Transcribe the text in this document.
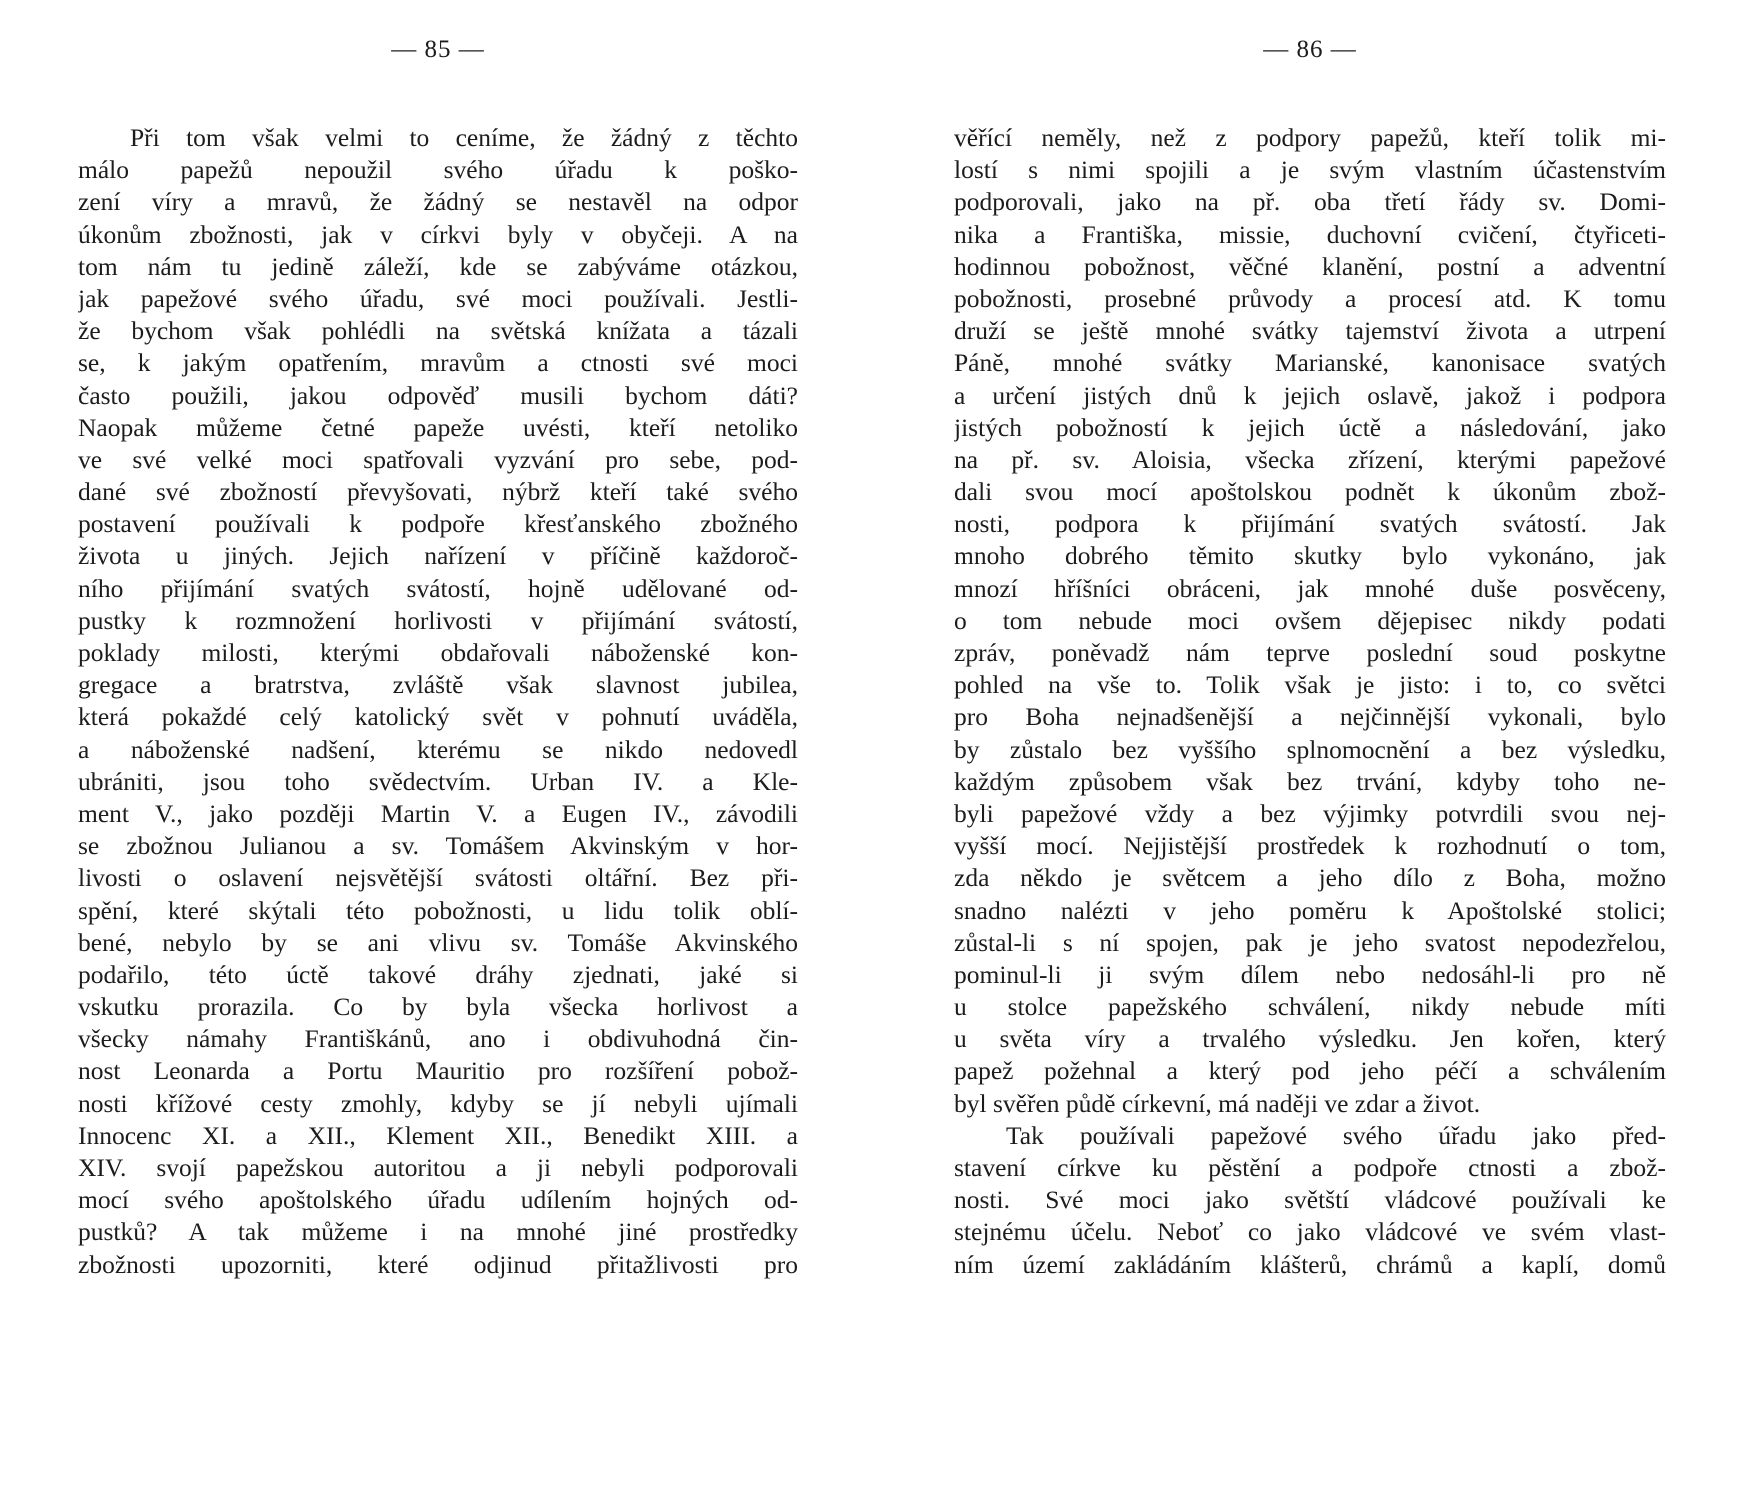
— 85 —
Při tom však velmi to ceníme, že žádný z těchto
málo papežů nepoužil svého úřadu k poško-
zení víry a mravů, že žádný se nestavěl na odpor
úkonům zbožnosti, jak v církvi byly v obyčeji. A na
tom nám tu jedině záleží, kde se zabýváme otázkou,
jak papežové svého úřadu, své moci používali. Jestli-
že bychom však pohlédli na světská knížata a tázali
se, k jakým opatřením, mravům a ctnosti své moci
často použili, jakou odpověď musili bychom dáti?
Naopak můžeme četné papeže uvésti, kteří netoliko
ve své velké moci spatřovali vyzvání pro sebe, pod-
dané své zbožností převyšovati, nýbrž kteří také svého
postavení používali k podpoře křesťanského zbožného
života u jiných. Jejich nařízení v příčině každoroč-
ního přijímání svatých svátostí, hojně udělované od-
pustky k rozmnožení horlivosti v přijímání svátostí,
poklady milosti, kterými obdařovali náboženské kon-
gregace a bratrstva, zvláště však slavnost jubilea,
která pokaždé celý katolický svět v pohnutí uváděla,
a náboženské nadšení, kterému se nikdo nedovedl
ubrániti, jsou toho svědectvím. Urban IV. a Kle-
ment V., jako později Martin V. a Eugen IV., závodili
se zbožnou Julianou a sv. Tomášem Akvinským v hor-
livosti o oslavení nejsvětější svátosti oltářní. Bez při-
spění, které skýtali této pobožnosti, u lidu tolik oblí-
bené, nebylo by se ani vlivu sv. Tomáše Akvinského
podařilo, této úctě takové dráhy zjednati, jaké si
vskutku prorazila. Co by byla všecka horlivost a
všecky námahy Františkánů, ano i obdivuhodná čin-
nost Leonarda a Portu Mauritio pro rozšíření pobož-
nosti křížové cesty zmohly, kdyby se jí nebyli ujímali
Innocenc XI. a XII., Klement XII., Benedikt XIII. a
XIV. svojí papežskou autoritou a ji nebyli podporovali
mocí svého apoštolského úřadu udílením hojných od-
pustků? A tak můžeme i na mnohé jiné prostředky
zbožnosti upozorniti, které odjinud přitažlivosti pro
— 86 —
věřící neměly, než z podpory papežů, kteří tolik mi-
lostí s nimi spojili a je svým vlastním účastenstvím
podporovali, jako na př. oba třetí řády sv. Domi-
nika a Františka, missie, duchovní cvičení, čtyřiceti-
hodinnou pobožnost, věčné klanění, postní a adventní
pobožnosti, prosebné průvody a procesí atd. K tomu
druží se ještě mnohé svátky tajemství života a utrpení
Páně, mnohé svátky Marianské, kanonisace svatých
a určení jistých dnů k jejich oslavě, jakož i podpora
jistých pobožností k jejich úctě a následování, jako
na př. sv. Aloisia, všecka zřízení, kterými papežové
dali svou mocí apoštolskou podnět k úkonům zbož-
nosti, podpora k přijímání svatých svátostí. Jak
mnoho dobrého těmito skutky bylo vykonáno, jak
mnozí hříšníci obráceni, jak mnohé duše posvěceny,
o tom nebude moci ovšem dějepisec nikdy podati
zpráv, poněvadž nám teprve poslední soud poskytne
pohled na vše to. Tolik však je jisto: i to, co světci
pro Boha nejnadšenější a nejčinnější vykonali, bylo
by zůstalo bez vyššího splnomocnění a bez výsledku,
každým způsobem však bez trvání, kdyby toho ne-
byli papežové vždy a bez výjimky potvrdili svou nej-
vyšší mocí. Nejjistější prostředek k rozhodnutí o tom,
zda někdo je světcem a jeho dílo z Boha, možno
snadno nalézti v jeho poměru k Apoštolské stolici;
zůstal-li s ní spojen, pak je jeho svatost nepodezřelou,
pominul-li ji svým dílem nebo nedosáhl-li pro ně
u stolce papežského schválení, nikdy nebude míti
u světa víry a trvalého výsledku. Jen kořen, který
papež požehnal a který pod jeho péčí a schválením
byl svěřen půdě církevní, má naději ve zdar a život.
Tak používali papežové svého úřadu jako před-
stavení církve ku pěstění a podpoře ctnosti a zbož-
nosti. Své moci jako světští vládcové používali ke
stejnému účelu. Neboť co jako vládcové ve svém vlast-
ním území zakládáním klášterů, chrámů a kaplí, domů
